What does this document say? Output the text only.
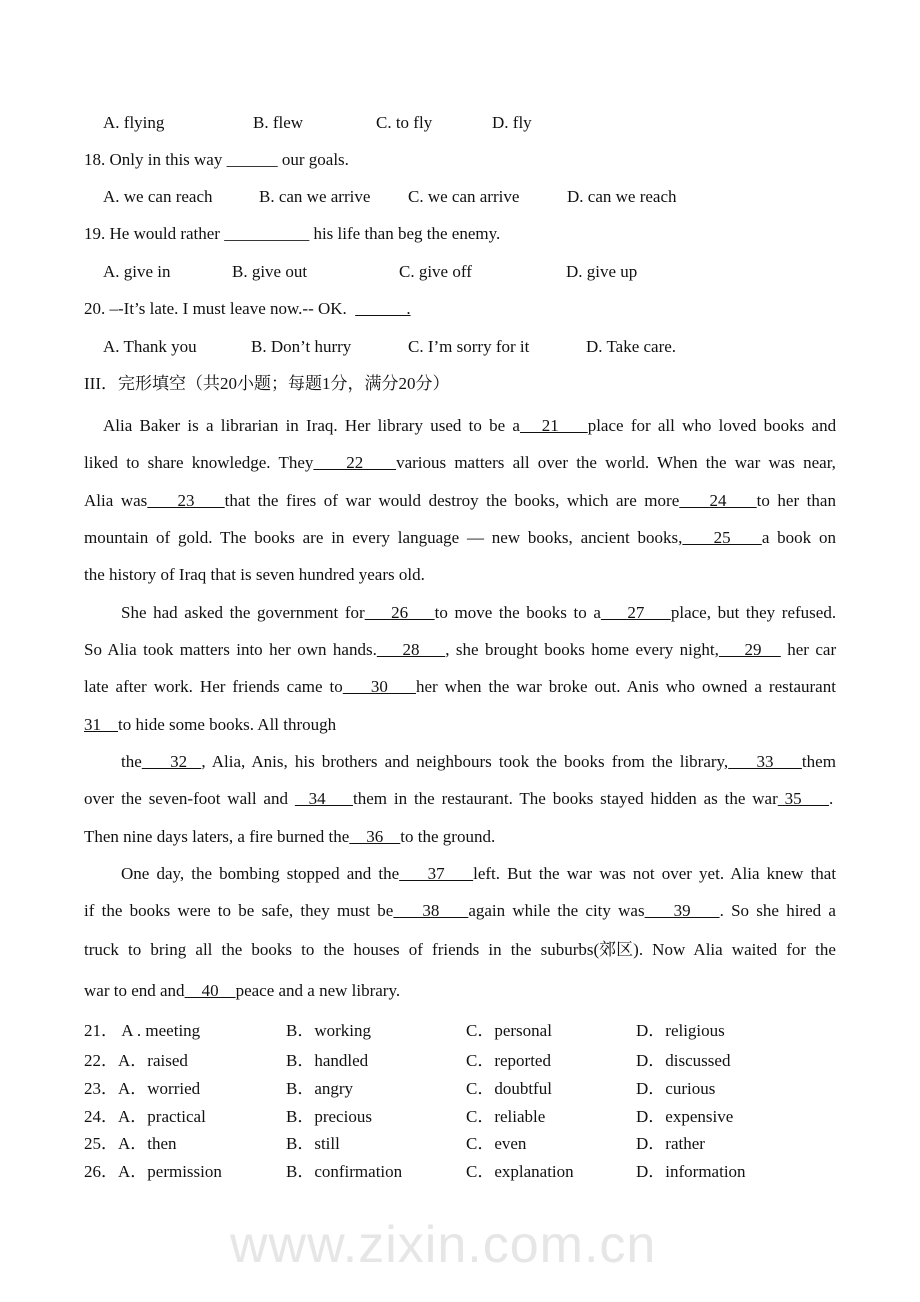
A. flying	B. flew	C. to fly	D. fly
18. Only in this way ______ our goals.
A. we can reach	B. can we arrive C. we can arrive	D. can we reach
19. He would rather __________ his life than beg the enemy.
A. give in	B. give out	C. give off	D. give up
20. –-It’s late. I must leave now.-- OK.  ______.
A. Thank you	B. Don’t hurry	C. I’m sorry for it	D. Take care.
III．完形填空（共20小题；每题1分，满分20分）
Alia Baker is a librarian in Iraq. Her library used to be a   21    place for all who loved books and
liked to share knowledge. They    22    various matters all over the world. When the war was near,
Alia was    23    that the fires of war would destroy the books, which are more    24    to her than
mountain of gold. The books are in every language — new books, ancient books,    25    a book on
the history of Iraq that is seven hundred years old.
She had asked the government for    26    to move the books to a    27    place, but they refused.
So Alia took matters into her own hands.    28    , she brought books home every night,    29    her car
late after work. Her friends came to    30    her when the war broke out. Anis who owned a restaurant
31    to hide some books. All through
the    32  , Alia, Anis, his brothers and neighbours took the books from the library,    33    them
over the seven-foot wall and   34    them in the restaurant. The books stayed hidden as the war 35    .
Then nine days laters, a fire burned the    36    to the ground.
One day, the bombing stopped and the    37    left. But the war was not over yet. Alia knew that
if the books were to be safe, they must be    38    again while the city was    39    . So she hired a
truck to bring all the books to the houses of friends in the suburbs(郊区). Now Alia waited for the
war to end and    40    peace and a new library.
21． A . meeting	B．working	C．personal	D．religious
22．A．raised	B．handled	C．reported	D．discussed
23．A．worried	B．angry	C．doubtful	D．curious
24．A．practical	B．precious	C．reliable	D．expensive
25．A．then	B．still	C．even	D．rather
26．A．permission	B．confirmation	C．explanation	D．information
www.zixin.com.cn
